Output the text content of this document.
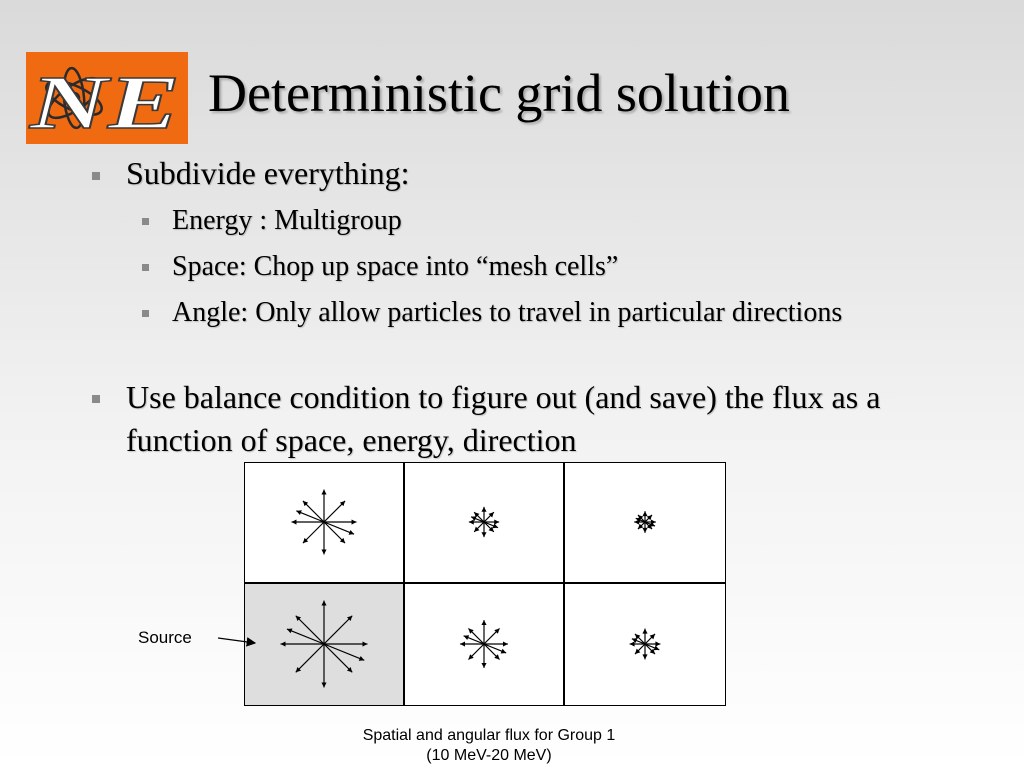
NE Deterministic grid solution
Subdivide everything:
Energy : Multigroup
Space: Chop up space into “mesh cells”
Angle: Only allow particles to travel in particular directions
Use balance condition to figure out (and save) the flux as a function of space, energy, direction
Source
Spatial and angular flux for Group 1
(10 MeV-20 MeV)
